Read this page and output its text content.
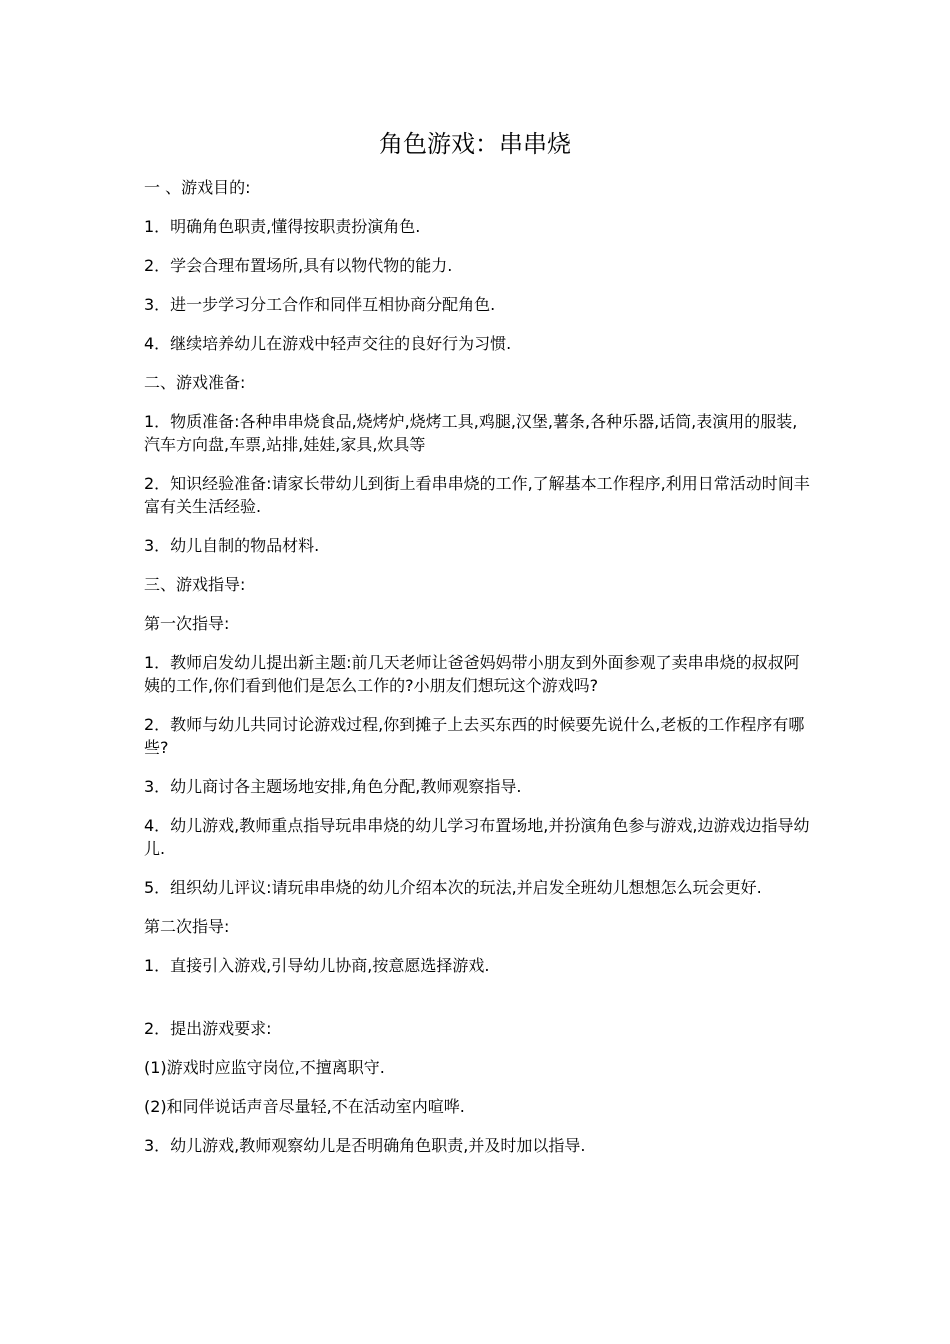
角色游戏：串串烧

一 、游戏目的:

1．明确角色职责,懂得按职责扮演角色.

2．学会合理布置场所,具有以物代物的能力.

3．进一步学习分工合作和同伴互相协商分配角色.

4．继续培养幼儿在游戏中轻声交往的良好行为习惯.

二、游戏准备:

1．物质准备:各种串串烧食品,烧烤炉,烧烤工具,鸡腿,汉堡,薯条,各种乐器,话筒,表演用的服装,汽车方向盘,车票,站排,娃娃,家具,炊具等

2．知识经验准备:请家长带幼儿到街上看串串烧的工作,了解基本工作程序,利用日常活动时间丰富有关生活经验.

3．幼儿自制的物品材料.

三、游戏指导:

第一次指导:

1．教师启发幼儿提出新主题:前几天老师让爸爸妈妈带小朋友到外面参观了卖串串烧的叔叔阿姨的工作,你们看到他们是怎么工作的?小朋友们想玩这个游戏吗?

2．教师与幼儿共同讨论游戏过程,你到摊子上去买东西的时候要先说什么,老板的工作程序有哪些?

3．幼儿商讨各主题场地安排,角色分配,教师观察指导.

4．幼儿游戏,教师重点指导玩串串烧的幼儿学习布置场地,并扮演角色参与游戏,边游戏边指导幼儿.

5．组织幼儿评议:请玩串串烧的幼儿介绍本次的玩法,并启发全班幼儿想想怎么玩会更好.

第二次指导:

1．直接引入游戏,引导幼儿协商,按意愿选择游戏.

2．提出游戏要求:

(1)游戏时应监守岗位,不擅离职守.

(2)和同伴说话声音尽量轻,不在活动室内喧哗.

3．幼儿游戏,教师观察幼儿是否明确角色职责,并及时加以指导.
